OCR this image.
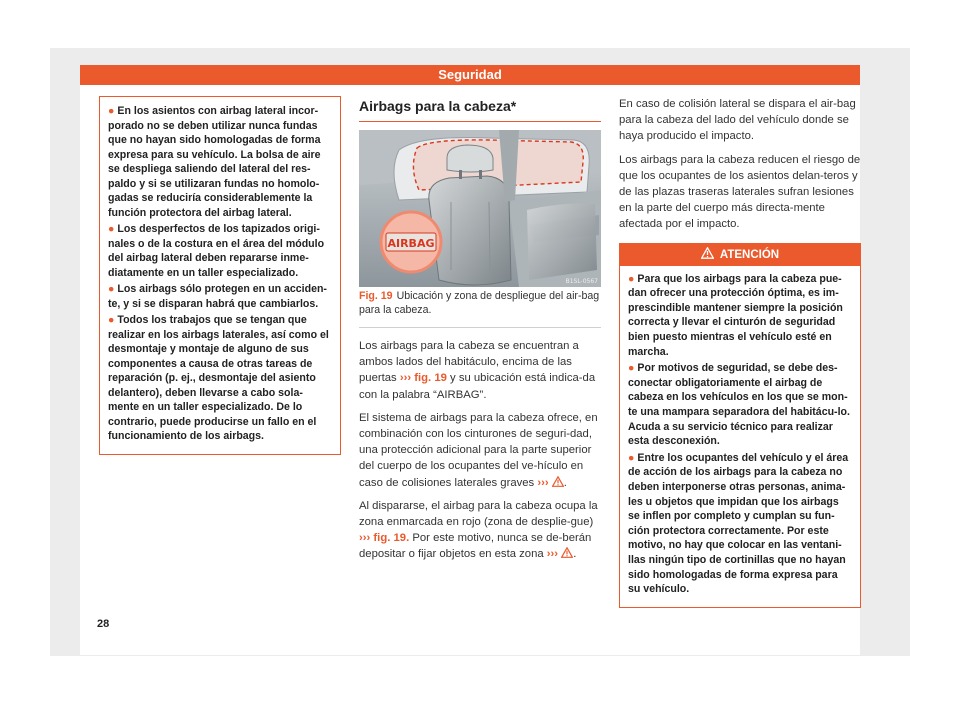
Seguridad

● En los asientos con airbag lateral incor-porado no se deben utilizar nunca fundas que no hayan sido homologadas de forma expresa para su vehículo. La bolsa de aire se despliega saliendo del lateral del res-paldo y si se utilizaran fundas no homolo-gadas se reduciría considerablemente la función protectora del airbag lateral.

● Los desperfectos de los tapizados origi-nales o de la costura en el área del módulo del airbag lateral deben repararse inme-diatamente en un taller especializado.

● Los airbags sólo protegen en un acciden-te, y si se disparan habrá que cambiarlos.

● Todos los trabajos que se tengan que realizar en los airbags laterales, así como el desmontaje y montaje de alguno de sus componentes a causa de otras tareas de reparación (p. ej., desmontaje del asiento delantero), deben llevarse a cabo sola-mente en un taller especializado. De lo contrario, puede producirse un fallo en el funcionamiento de los airbags.

Airbags para la cabeza*
AIRBAG
B1SL-0567
Fig. 19 Ubicación y zona de despliegue del air-bag para la cabeza.

Los airbags para la cabeza se encuentran a ambos lados del habitáculo, encima de las puertas ››› fig. 19 y su ubicación está indica-da con la palabra “AIRBAG”.

El sistema de airbags para la cabeza ofrece, en combinación con los cinturones de seguri-dad, una protección adicional para la parte superior del cuerpo de los ocupantes del ve-hículo en caso de colisiones laterales graves ››› .

Al dispararse, el airbag para la cabeza ocupa la zona enmarcada en rojo (zona de desplie-gue) ››› fig. 19. Por este motivo, nunca se de-berán depositar o fijar objetos en esta zona ››› .

En caso de colisión lateral se dispara el air-bag para la cabeza del lado del vehículo donde se haya producido el impacto.

Los airbags para la cabeza reducen el riesgo de que los ocupantes de los asientos delan-teros y de las plazas traseras laterales sufran lesiones en la parte del cuerpo más directa-mente afectada por el impacto.

ATENCIÓN

● Para que los airbags para la cabeza pue-dan ofrecer una protección óptima, es im-prescindible mantener siempre la posición correcta y llevar el cinturón de seguridad bien puesto mientras el vehículo esté en marcha.

● Por motivos de seguridad, se debe des-conectar obligatoriamente el airbag de cabeza en los vehículos en los que se mon-te una mampara separadora del habitácu-lo. Acuda a su servicio técnico para realizar esta desconexión.

● Entre los ocupantes del vehículo y el área de acción de los airbags para la cabeza no deben interponerse otras personas, anima-les u objetos que impidan que los airbags se inflen por completo y cumplan su fun-ción protectora correctamente. Por este motivo, no hay que colocar en las ventani-llas ningún tipo de cortinillas que no hayan sido homologadas de forma expresa para su vehículo.

28
